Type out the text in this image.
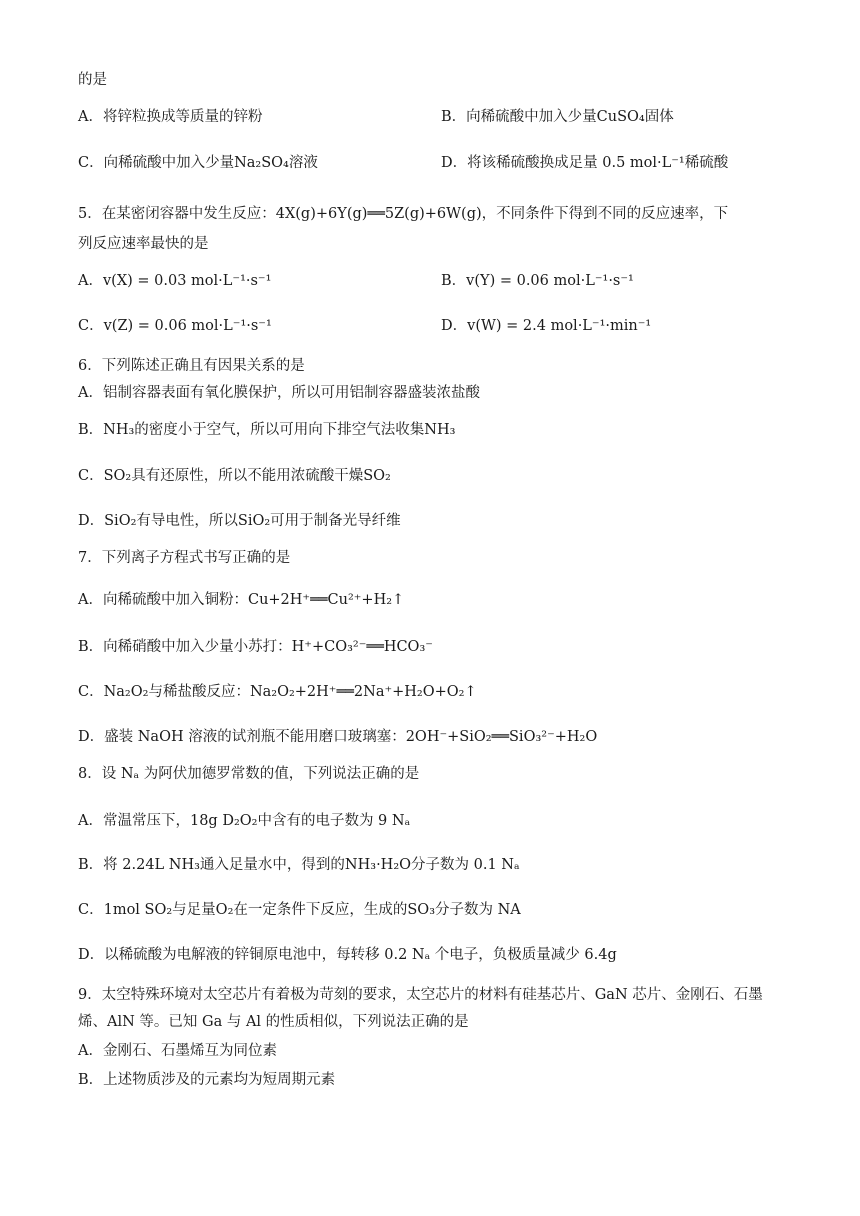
的是
A．将锌粒换成等质量的锌粉	B．向稀硫酸中加入少量CuSO₄固体
C．向稀硫酸中加入少量Na₂SO₄溶液	D．将该稀硫酸换成足量 0.5 mol·L⁻¹稀硫酸
5．在某密闭容器中发生反应：4X(g)+6Y(g)══5Z(g)+6W(g)，不同条件下得到不同的反应速率，下
列反应速率最快的是
A．v(X) = 0.03 mol·L⁻¹·s⁻¹	B．v(Y) = 0.06 mol·L⁻¹·s⁻¹
C．v(Z) = 0.06 mol·L⁻¹·s⁻¹	D．v(W) = 2.4 mol·L⁻¹·min⁻¹
6．下列陈述正确且有因果关系的是
A．铝制容器表面有氧化膜保护，所以可用铝制容器盛装浓盐酸
B．NH₃的密度小于空气，所以可用向下排空气法收集NH₃
C．SO₂具有还原性，所以不能用浓硫酸干燥SO₂
D．SiO₂有导电性，所以SiO₂可用于制备光导纤维
7．下列离子方程式书写正确的是
A．向稀硫酸中加入铜粉：Cu+2H⁺══Cu²⁺+H₂↑
B．向稀硝酸中加入少量小苏打：H⁺+CO₃²⁻══HCO₃⁻
C．Na₂O₂与稀盐酸反应：Na₂O₂+2H⁺══2Na⁺+H₂O+O₂↑
D．盛装 NaOH 溶液的试剂瓶不能用磨口玻璃塞：2OH⁻+SiO₂══SiO₃²⁻+H₂O
8．设 Nₐ 为阿伏加德罗常数的值，下列说法正确的是
A．常温常压下，18g D₂O₂中含有的电子数为 9 Nₐ
B．将 2.24L NH₃通入足量水中，得到的NH₃·H₂O分子数为 0.1 Nₐ
C．1mol SO₂与足量O₂在一定条件下反应，生成的SO₃分子数为 NA
D．以稀硫酸为电解液的锌铜原电池中，每转移 0.2 Nₐ 个电子，负极质量减少 6.4g
9．太空特殊环境对太空芯片有着极为苛刻的要求，太空芯片的材料有硅基芯片、GaN 芯片、金刚石、石墨
烯、AlN 等。已知 Ga 与 Al 的性质相似，下列说法正确的是
A．金刚石、石墨烯互为同位素
B．上述物质涉及的元素均为短周期元素
